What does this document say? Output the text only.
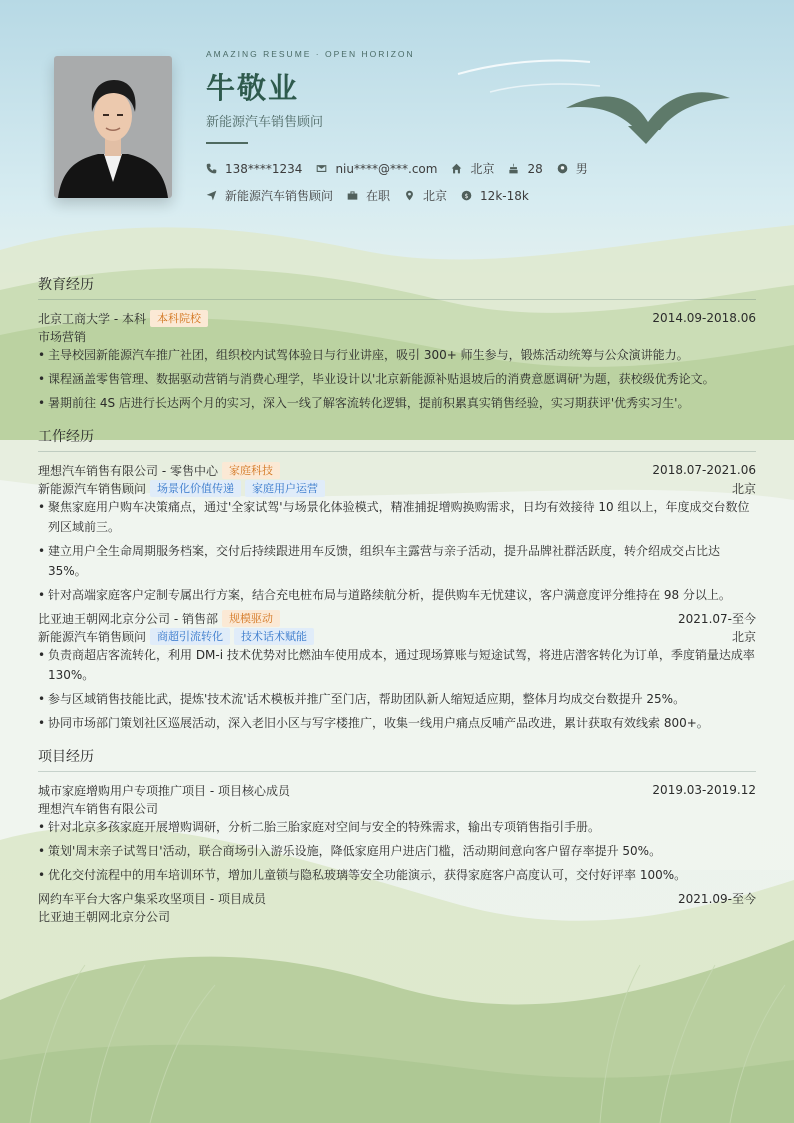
AMAZING RESUME · OPEN HORIZON
牛敬业
新能源汽车销售顾问
138****1234	niu****@***.com	北京	28	男
新能源汽车销售顾问	在职	北京 $ 12k-18k
教育经历
北京工商大学 - 本科	本科院校	2014.09-2018.06
市场营销
• 主导校园新能源汽车推广社团，组织校内试驾体验日与行业讲座，吸引 300+ 师生参与，锻炼活动统筹与公众演讲能力。
• 课程涵盖零售管理、数据驱动营销与消费心理学，毕业设计以'北京新能源补贴退坡后的消费意愿调研'为题，获校级优秀论文。
• 暑期前往 4S 店进行长达两个月的实习，深入一线了解客流转化逻辑，提前积累真实销售经验，实习期获评'优秀实习生'。
工作经历
理想汽车销售有限公司 - 零售中心	家庭科技	2018.07-2021.06
新能源汽车销售顾问	场景化价值传递	家庭用户运营	北京
• 聚焦家庭用户购车决策痛点，通过'全家试驾'与场景化体验模式，精准捕捉增购换购需求，日均有效接待 10 组以上，年度成交台数位列区域前三。
• 建立用户全生命周期服务档案，交付后持续跟进用车反馈，组织车主露营与亲子活动，提升品牌社群活跃度，转介绍成交占比达 35%。
• 针对高端家庭客户定制专属出行方案，结合充电桩布局与道路续航分析，提供购车无忧建议，客户满意度评分维持在 98 分以上。
比亚迪王朝网北京分公司 - 销售部	规模驱动	2021.07-至今
新能源汽车销售顾问	商超引流转化	技术话术赋能	北京
• 负责商超店客流转化，利用 DM-i 技术优势对比燃油车使用成本，通过现场算账与短途试驾，将进店潜客转化为订单，季度销量达成率 130%。
• 参与区域销售技能比武，提炼'技术流'话术模板并推广至门店，帮助团队新人缩短适应期，整体月均成交台数提升 25%。
• 协同市场部门策划社区巡展活动，深入老旧小区与写字楼推广，收集一线用户痛点反哺产品改进，累计获取有效线索 800+。
项目经历
城市家庭增购用户专项推广项目 - 项目核心成员	2019.03-2019.12
理想汽车销售有限公司
• 针对北京多孩家庭开展增购调研，分析二胎三胎家庭对空间与安全的特殊需求，输出专项销售指引手册。
• 策划'周末亲子试驾日'活动，联合商场引入游乐设施，降低家庭用户进店门槛，活动期间意向客户留存率提升 50%。
• 优化交付流程中的用车培训环节，增加儿童锁与隐私玻璃等安全功能演示，获得家庭客户高度认可，交付好评率 100%。
网约车平台大客户集采攻坚项目 - 项目成员	2021.09-至今
比亚迪王朝网北京分公司
